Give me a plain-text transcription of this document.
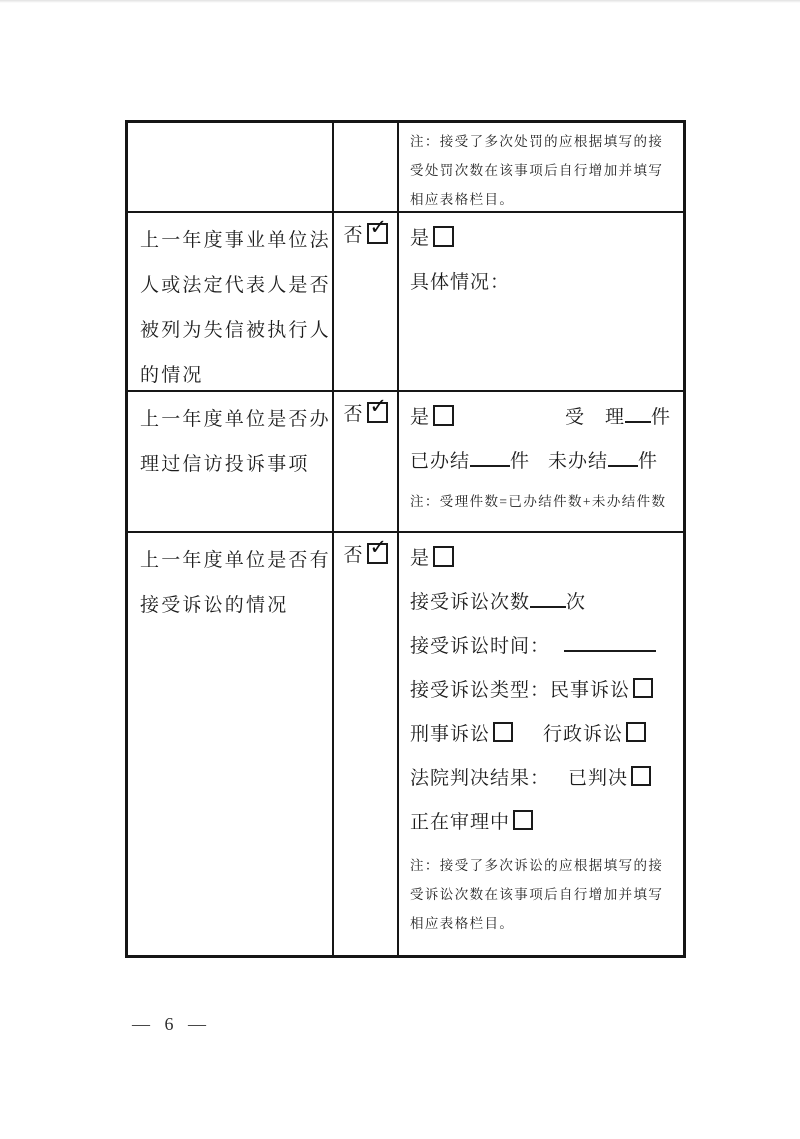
注：接受了多次处罚的应根据填写的接
受处罚次数在该事项后自行增加并填写
相应表格栏目。
上一年度事业单位法
人或法定代表人是否
被列为失信被执行人
的情况
否 ✓ 是
具体情况：
上一年度单位是否办
理过信访投诉事项
否 ✓ 是	受　理 件
已办结 件 未办结 件
注：受理件数=已办结件数+未办结件数
上一年度单位是否有
接受诉讼的情况
否 ✓ 是
接受诉讼次数 次
接受诉讼时间：
接受诉讼类型：民事诉讼
刑事诉讼	行政诉讼
法院判决结果： 已判决
正在审理中
注：接受了多次诉讼的应根据填写的接
受诉讼次数在该事项后自行增加并填写
相应表格栏目。
— 6 —
